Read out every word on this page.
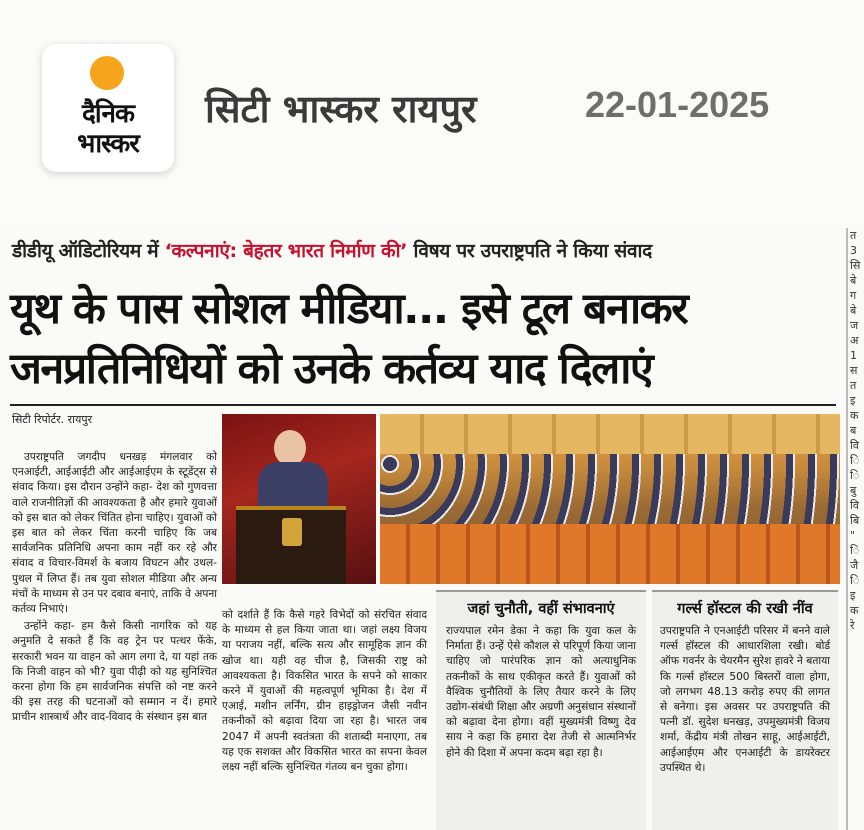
दैनिक
भास्कर
सिटी भास्कर रायपुर	22-01-2025
डीडीयू ऑडिटोरियम में ‘कल्पनाएं: बेहतर भारत निर्माण की’ विषय पर उपराष्ट्रपति ने किया संवाद
यूथ के पास सोशल मीडिया... इसे टूल बनाकर
जनप्रतिनिधियों को उनके कर्तव्य याद दिलाएं
सिटी रिपोर्टर. रायपुर

उपराष्ट्रपति जगदीप धनखड़ मंगलवार को एनआईटी, आईआईटी और आईआईएम के स्टूडेंट्स से संवाद किया। इस दौरान उन्होंने कहा- देश को गुणवत्ता वाले राजनीतिज्ञों की आवश्यकता है और हमारे युवाओं को इस बात को लेकर चिंतित होना चाहिए। युवाओं को इस बात को लेकर चिंता करनी चाहिए कि जब सार्वजनिक प्रतिनिधि अपना काम नहीं कर रहे और संवाद व विचार-विमर्श के बजाय विघटन और उथल-पुथल में लिप्त हैं। तब युवा सोशल मीडिया और अन्य मंचों के माध्यम से उन पर दबाव बनाएं, ताकि वे अपना कर्तव्य निभाएं।

उन्होंने कहा- हम कैसे किसी नागरिक को यह अनुमति दे सकते हैं कि वह ट्रेन पर पत्थर फेंके, सरकारी भवन या वाहन को आग लगा दे, या यहां तक कि निजी वाहन को भी? युवा पीढ़ी को यह सुनिश्चित करना होगा कि हम सार्वजनिक संपत्ति को नष्ट करने की इस तरह की घटनाओं को सम्मान न दें। हमारे प्राचीन शास्त्रार्थ और वाद-विवाद के संस्थान इस बात

को दर्शाते हैं कि कैसे गहरे विभेदों को संरचित संवाद के माध्यम से हल किया जाता था। जहां लक्ष्य विजय या पराजय नहीं, बल्कि सत्य और सामूहिक ज्ञान की खोज था। यही वह चीज है, जिसकी राष्ट्र को आवश्यकता है। विकसित भारत के सपने को साकार करने में युवाओं की महत्वपूर्ण भूमिका है। देश में एआई, मशीन लर्निंग, ग्रीन हाइड्रोजन जैसी नवीन तकनीकों को बढ़ावा दिया जा रहा है। भारत जब 2047 में अपनी स्वतंत्रता की शताब्दी मनाएगा, तब यह एक सशक्त और विकसित भारत का सपना केवल लक्ष्य नहीं बल्कि सुनिश्चित गंतव्य बन चुका होगा।

जहां चुनौती, वहीं संभावनाएं

राज्यपाल रमेन डेका ने कहा कि युवा कल के निर्माता हैं। उन्हें ऐसे कौशल से परिपूर्ण किया जाना चाहिए जो पारंपरिक ज्ञान को अत्याधुनिक तकनीकों के साथ एकीकृत करते हैं। युवाओं को वैश्विक चुनौतियों के लिए तैयार करने के लिए उद्योग-संबंधी शिक्षा और अग्रणी अनुसंधान संस्थानों को बढ़ावा देना होगा। वहीं मुख्यमंत्री विष्णु देव साय ने कहा कि हमारा देश तेजी से आत्मनिर्भर होने की दिशा में अपना कदम बढ़ा रहा है।

गर्ल्स हॉस्टल की रखी नींव

उपराष्ट्रपति ने एनआईटी परिसर में बनने वाले गर्ल्स हॉस्टल की आधारशिला रखी। बोर्ड ऑफ गवर्नर के चेयरमैन सुरेश हावरे ने बताया कि गर्ल्स हॉस्टल 500 बिस्तरों वाला होगा, जो लगभग 48.13 करोड़ रुपए की लागत से बनेगा। इस अवसर पर उपराष्ट्रपति की पत्नी डॉ. सुदेश धनखड़, उपमुख्यमंत्री विजय शर्मा, केंद्रीय मंत्री तोखन साहू, आईआईटी, आईआईएम और एनआईटी के डायरेक्टर उपस्थित थे।

त 3 सि बे ग बे ज अ 1 स त इ क ब वि ि ि बु वि बि " ि जै ि इ क रे
